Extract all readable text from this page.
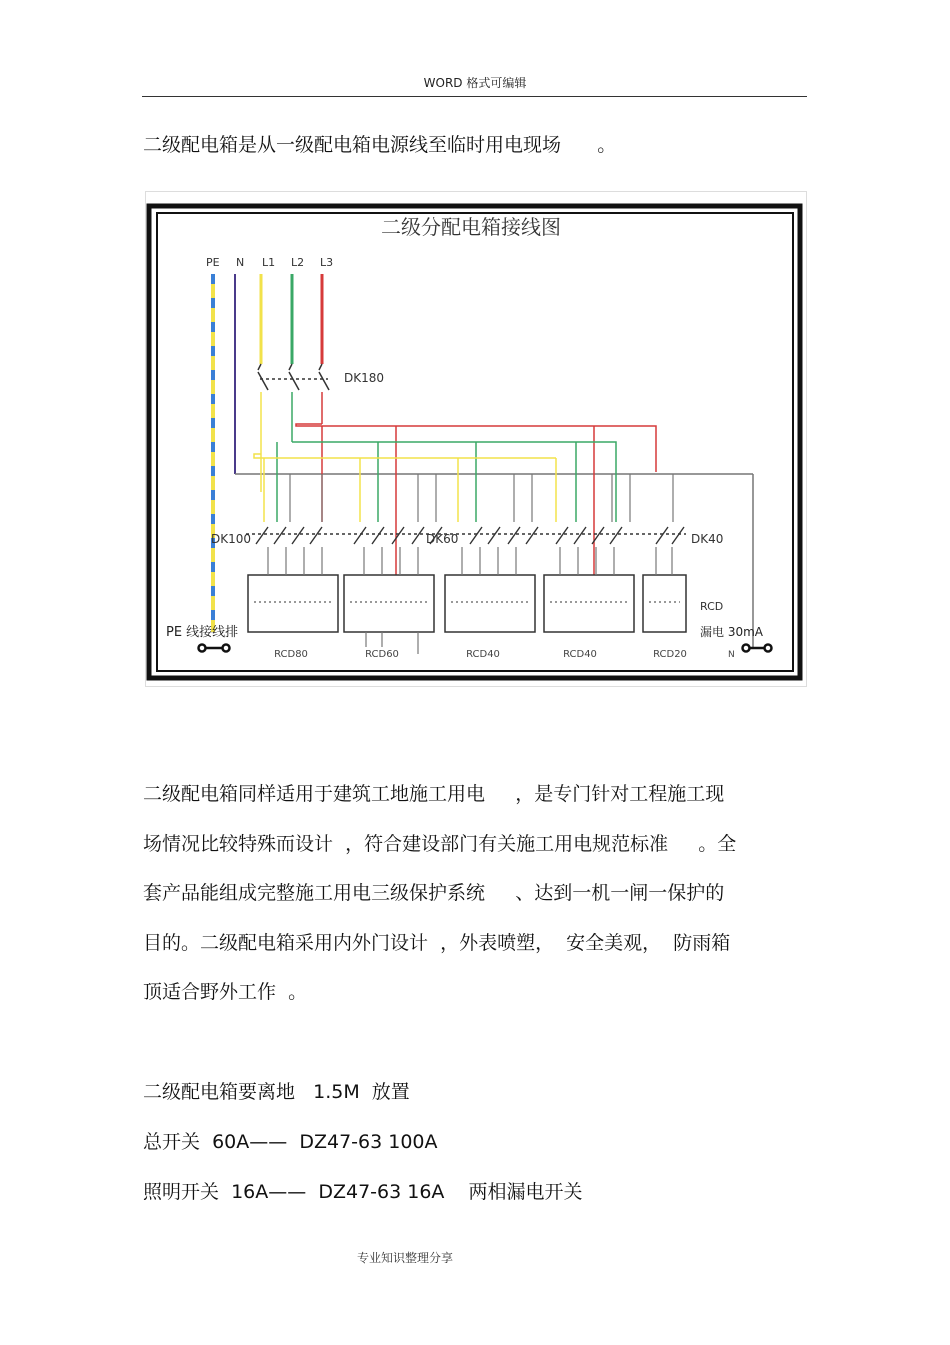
WORD 格式可编辑
二级配电箱是从一级配电箱电源线至临时用电现场      。
二级分配电箱接线图
PE N L1 L2 L3
DK180
DK100	DK60	DK40
RCD80	RCD60	RCD40	RCD40	RCD20
PE 线接线排
RCD
漏电 30mA
N
二级配电箱同样适用于建筑工地施工用电     ，是专门针对工程施工现
场情况比较特殊而设计  ，符合建设部门有关施工用电规范标准     。全
套产品能组成完整施工用电三级保护系统     、达到一机一闸一保护的
目的。二级配电箱采用内外门设计  ，外表喷塑，  安全美观，  防雨箱
顶适合野外工作  。
二级配电箱要离地   1.5M  放置
总开关  60A——  DZ47-63 100A
照明开关  16A——  DZ47-63 16A    两相漏电开关
专业知识整理分享
